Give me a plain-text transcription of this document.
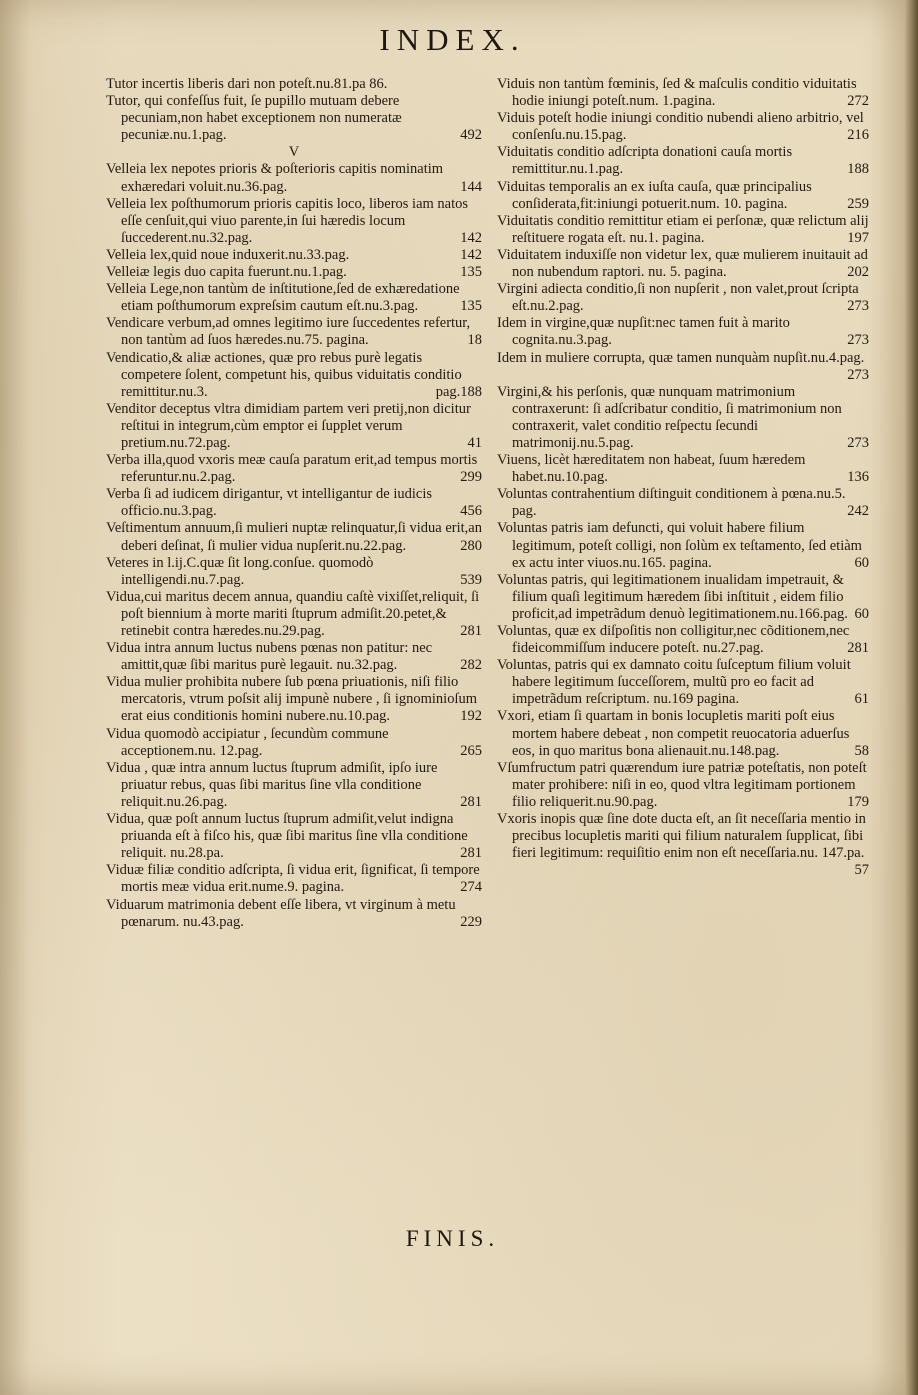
INDEX.

Tutor incertis liberis dari non poteſt.nu.81.pa 86.

Tutor, qui confeſſus fuit, ſe pupillo mutuam debere pecuniam,non habet exceptionem non numeratæ pecuniæ.nu.1.pag.	492

V

Velleia lex nepotes prioris & poſterioris capitis nominatim exhæredari voluit.nu.36.pag.	144

Velleia lex poſthumorum prioris capitis loco, liberos iam natos eſſe cenſuit,qui viuo parente,in ſui hæredis locum ſuccederent.nu.32.pag.	142

Velleia lex,quid noue induxerit.nu.33.pag.	142

Velleiæ legis duo capita fuerunt.nu.1.pag.	135

Velleia Lege,non tantùm de inſtitutione,ſed de exhæredatione etiam poſthumorum expreſsim cautum eſt.nu.3.pag.	135

Vendicare verbum,ad omnes legitimo iure ſuccedentes refertur, non tantùm ad ſuos hæredes.nu.75. pagina.	18

Vendicatio,& aliæ actiones, quæ pro rebus purè legatis competere ſolent, competunt his, quibus viduitatis conditio remittitur.nu.3.	pag.188

Venditor deceptus vltra dimidiam partem veri pretij,non dicitur reſtitui in integrum,cùm emptor ei ſupplet verum pretium.nu.72.pag.	41

Verba illa,quod vxoris meæ cauſa paratum erit,ad tempus mortis referuntur.nu.2.pag.	299

Verba ſi ad iudicem dirigantur, vt intelligantur de iudicis officio.nu.3.pag.	456

Veſtimentum annuum,ſi mulieri nuptæ relinquatur,ſi vidua erit,an deberi deſinat, ſi mulier vidua nupſerit.nu.22.pag.	280

Veteres in l.ij.C.quæ ſit long.conſue. quomodò intelligendi.nu.7.pag.	539

Vidua,cui maritus decem annua, quandiu caſtè vixiſſet,reliquit, ſi poſt biennium à morte mariti ſtuprum admiſit.20.petet,& retinebit contra hæredes.nu.29.pag.	281

Vidua intra annum luctus nubens pœnas non patitur: nec amittit,quæ ſibi maritus purè legauit. nu.32.pag.	282

Vidua mulier prohibita nubere ſub pœna priuationis, niſi filio mercatoris, vtrum poſsit alij impunè nubere , ſi ignominioſum erat eius conditionis homini nubere.nu.10.pag.	192

Vidua quomodò accipiatur , ſecundùm commune acceptionem.nu. 12.pag.	265

Vidua , quæ intra annum luctus ſtuprum admiſit, ipſo iure priuatur rebus, quas ſibi maritus ſine vlla conditione reliquit.nu.26.pag.	281

Vidua, quæ poſt annum luctus ſtuprum admiſit,velut indigna priuanda eſt à fiſco his, quæ ſibi maritus ſine vlla conditione reliquit. nu.28.pa.	281

Viduæ filiæ conditio adſcripta, ſi vidua erit, ſignificat, ſi tempore mortis meæ vidua erit.nume.9. pagina.	274

Viduarum matrimonia debent eſſe libera, vt virginum à metu pœnarum. nu.43.pag.	229

Viduis non tantùm fœminis, ſed & maſculis conditio viduitatis hodie iniungi poteſt.num. 1.pagina.	272

Viduis poteſt hodie iniungi conditio nubendi alieno arbitrio, vel conſenſu.nu.15.pag.	216

Viduitatis conditio adſcripta donationi cauſa mortis remittitur.nu.1.pag.	188

Viduitas temporalis an ex iuſta cauſa, quæ principalius conſiderata,fit:iniungi potuerit.num. 10. pagina.	259

Viduitatis conditio remittitur etiam ei perſonæ, quæ relictum alij reſtituere rogata eſt. nu.1. pagina.	197

Viduitatem induxiſſe non videtur lex, quæ mulierem inuitauit ad non nubendum raptori. nu. 5. pagina.	202

Virgini adiecta conditio,ſi non nupſerit , non valet,prout ſcripta eſt.nu.2.pag.	273

Idem in virgine,quæ nupſit:nec tamen fuit à marito cognita.nu.3.pag.	273

Idem in muliere corrupta, quæ tamen nunquàm nupſit.nu.4.pag.
273

Virgini,& his perſonis, quæ nunquam matrimonium contraxerunt: ſi adſcribatur conditio, ſi matrimonium non contraxerit, valet conditio reſpectu ſecundi matrimonij.nu.5.pag.	273

Viuens, licèt hæreditatem non habeat, ſuum hæredem habet.nu.10.pag.	136

Voluntas contrahentium diſtinguit conditionem à pœna.nu.5. pag.	242

Voluntas patris iam defuncti, qui voluit habere filium legitimum, poteſt colligi, non ſolùm ex teſtamento, ſed etiàm ex actu inter viuos.nu.165. pagina.	60

Voluntas patris, qui legitimationem inualidam impetrauit, & filium quaſi legitimum hæredem ſibi inſtituit , eidem filio proficit,ad impetrãdum denuò legitimationem.nu.166.pag. 60

Voluntas, quæ ex diſpoſitis non colligitur,nec cõditionem,nec fideicommiſſum inducere poteſt. nu.27.pag.	281

Voluntas, patris qui ex damnato coitu ſuſceptum filium voluit habere legitimum ſucceſſorem, multũ pro eo facit ad impetrãdum reſcriptum. nu.169 pagina.	61

Vxori, etiam ſi quartam in bonis locupletis mariti poſt eius mortem habere debeat , non competit reuocatoria aduerſus eos, in quo maritus bona alienauit.nu.148.pag.	58

Vſumfructum patri quærendum iure patriæ poteſtatis, non poteſt mater prohibere: niſi in eo, quod vltra legitimam portionem filio reliquerit.nu.90.pag.	179

Vxoris inopis quæ ſine dote ducta eſt, an ſit neceſſaria mentio in precibus locupletis mariti qui filium naturalem ſupplicat, ſibi fieri legitimum: requiſitio enim non eſt neceſſaria.nu. 147.pa.
57

FINIS.
